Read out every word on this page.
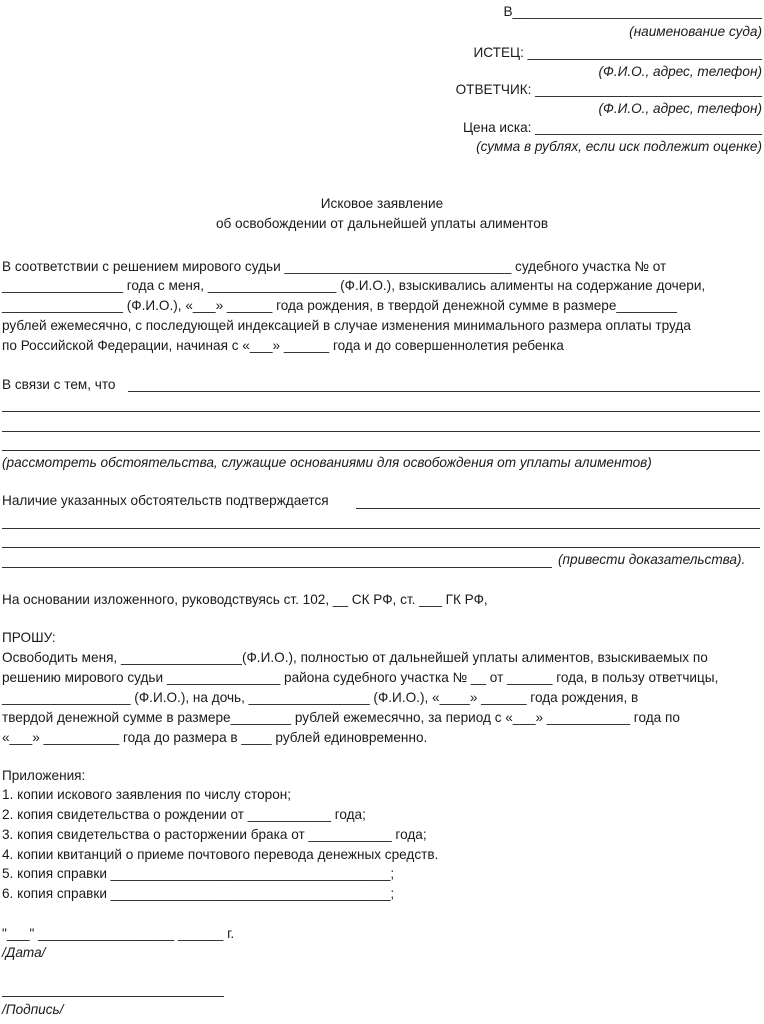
В_________________________________
(наименование суда)
ИСТЕЦ: _______________________________
(Ф.И.О., адрес, телефон)
ОТВЕТЧИК: ______________________________
(Ф.И.О., адрес, телефон)
Цена иска: ______________________________
(сумма в рублях, если иск подлежит оценке)
Исковое заявление
об освобождении от дальнейшей уплаты алиментов
В соответствии с решением мирового судьи ______________________________ судебного участка № от
________________ года с меня, _________________ (Ф.И.О.), взыскивались алименты на содержание дочери,
________________ (Ф.И.О.), «___» ______ года рождения, в твердой денежной сумме в размере________
рублей ежемесячно, с последующей индексацией в случае изменения минимального размера оплаты труда
по Российской Федерации, начиная с «___» ______ года и до совершеннолетия ребенка
В связи с тем, что
(рассмотреть обстоятельства, служащие основаниями для освобождения от уплаты алиментов)
Наличие указанных обстоятельств подтверждается
(привести доказательства).
На основании изложенного, руководствуясь ст. 102, __ СК РФ, ст. ___ ГК РФ,
ПРОШУ:
Освободить меня, ________________(Ф.И.О.), полностью от дальнейшей уплаты алиментов, взыскиваемых по
решению мирового судьи _______________ района судебного участка № __ от ______ года, в пользу ответчицы,
_________________ (Ф.И.О.), на дочь, ________________ (Ф.И.О.), «____» ______ года рождения, в
твердой денежной сумме в размере________ рублей ежемесячно, за период с «___» ___________ года по
«___» __________ года до размера в ____ рублей единовременно.
Приложения:
1. копии искового заявления по числу сторон;
2. копия свидетельства о рождении от ___________ года;
3. копия свидетельства о расторжении брака от ___________ года;
4. копии квитанций о приеме почтового перевода денежных средств.
5. копия справки _____________________________________;
6. копия справки _____________________________________;
"___" __________________ ______ г.
/Дата/
/Подпись/
